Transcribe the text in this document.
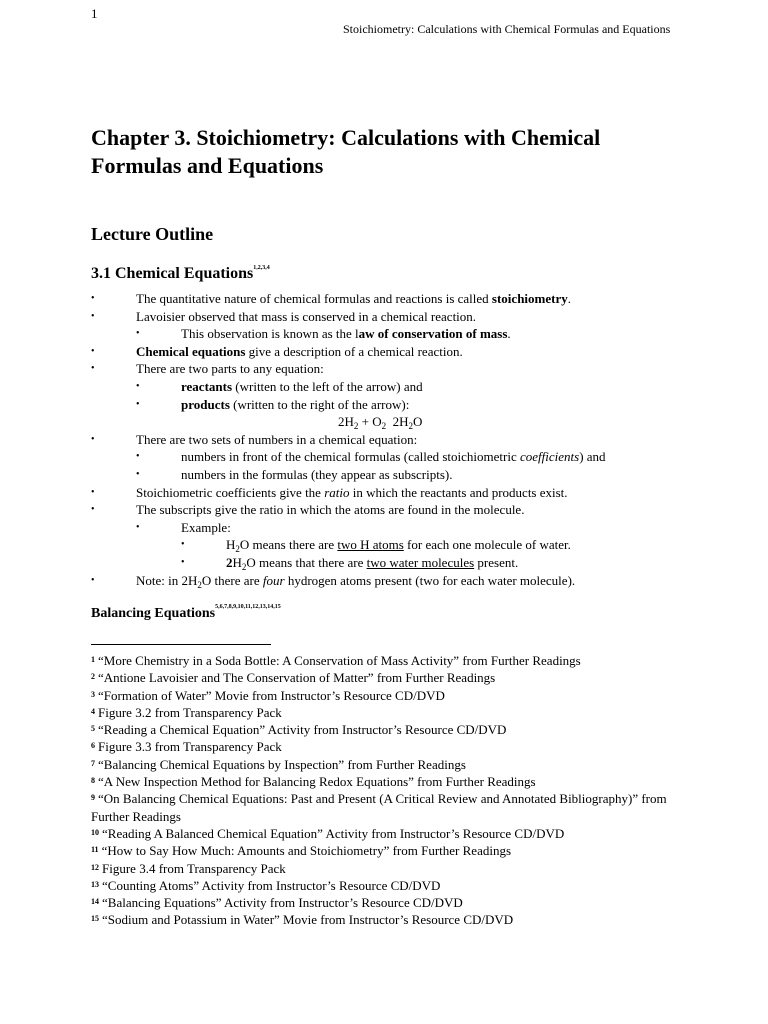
1
Stoichiometry: Calculations with Chemical Formulas and Equations
Chapter 3. Stoichiometry: Calculations with Chemical Formulas and Equations
Lecture Outline
3.1 Chemical Equations$^{1,2,3,4}$
•	The quantitative nature of chemical formulas and reactions is called stoichiometry.
•	Lavoisier observed that mass is conserved in a chemical reaction.
•	This observation is known as the law of conservation of mass.
•	Chemical equations give a description of a chemical reaction.
•	There are two parts to any equation:
•	reactants (written to the left of the arrow) and
•	products (written to the right of the arrow):
$2H_2 + O_2$  $2H_2O$
•	There are two sets of numbers in a chemical equation:
•	numbers in front of the chemical formulas (called stoichiometric coefficients) and
•	numbers in the formulas (they appear as subscripts).
•	Stoichiometric coefficients give the ratio in which the reactants and products exist.
•	The subscripts give the ratio in which the atoms are found in the molecule.
•	Example:
•	$H_2O$ means there are two H atoms for each one molecule of water.
•	$2H_2O$ means that there are two water molecules present.
•	Note: in $2H_2O$ there are four hydrogen atoms present (two for each water molecule).
Balancing Equations$^{5,6,7,8,9,10,11,12,13,14,15}$
$^1$ “More Chemistry in a Soda Bottle: A Conservation of Mass Activity” from Further Readings
$^2$ “Antione Lavoisier and The Conservation of Matter” from Further Readings
$^3$ “Formation of Water” Movie from Instructor’s Resource CD/DVD
$^4$ Figure 3.2 from Transparency Pack
$^5$ “Reading a Chemical Equation” Activity from Instructor’s Resource CD/DVD
$^6$ Figure 3.3 from Transparency Pack
$^7$ “Balancing Chemical Equations by Inspection” from Further Readings
$^8$ “A New Inspection Method for Balancing Redox Equations” from Further Readings
$^9$ “On Balancing Chemical Equations: Past and Present (A Critical Review and Annotated Bibliography)” from Further Readings
$^{10}$ “Reading A Balanced Chemical Equation” Activity from Instructor’s Resource CD/DVD
$^{11}$ “How to Say How Much: Amounts and Stoichiometry” from Further Readings
$^{12}$ Figure 3.4 from Transparency Pack
$^{13}$ “Counting Atoms” Activity from Instructor’s Resource CD/DVD
$^{14}$ “Balancing Equations” Activity from Instructor’s Resource CD/DVD
$^{15}$ “Sodium and Potassium in Water” Movie from Instructor’s Resource CD/DVD
